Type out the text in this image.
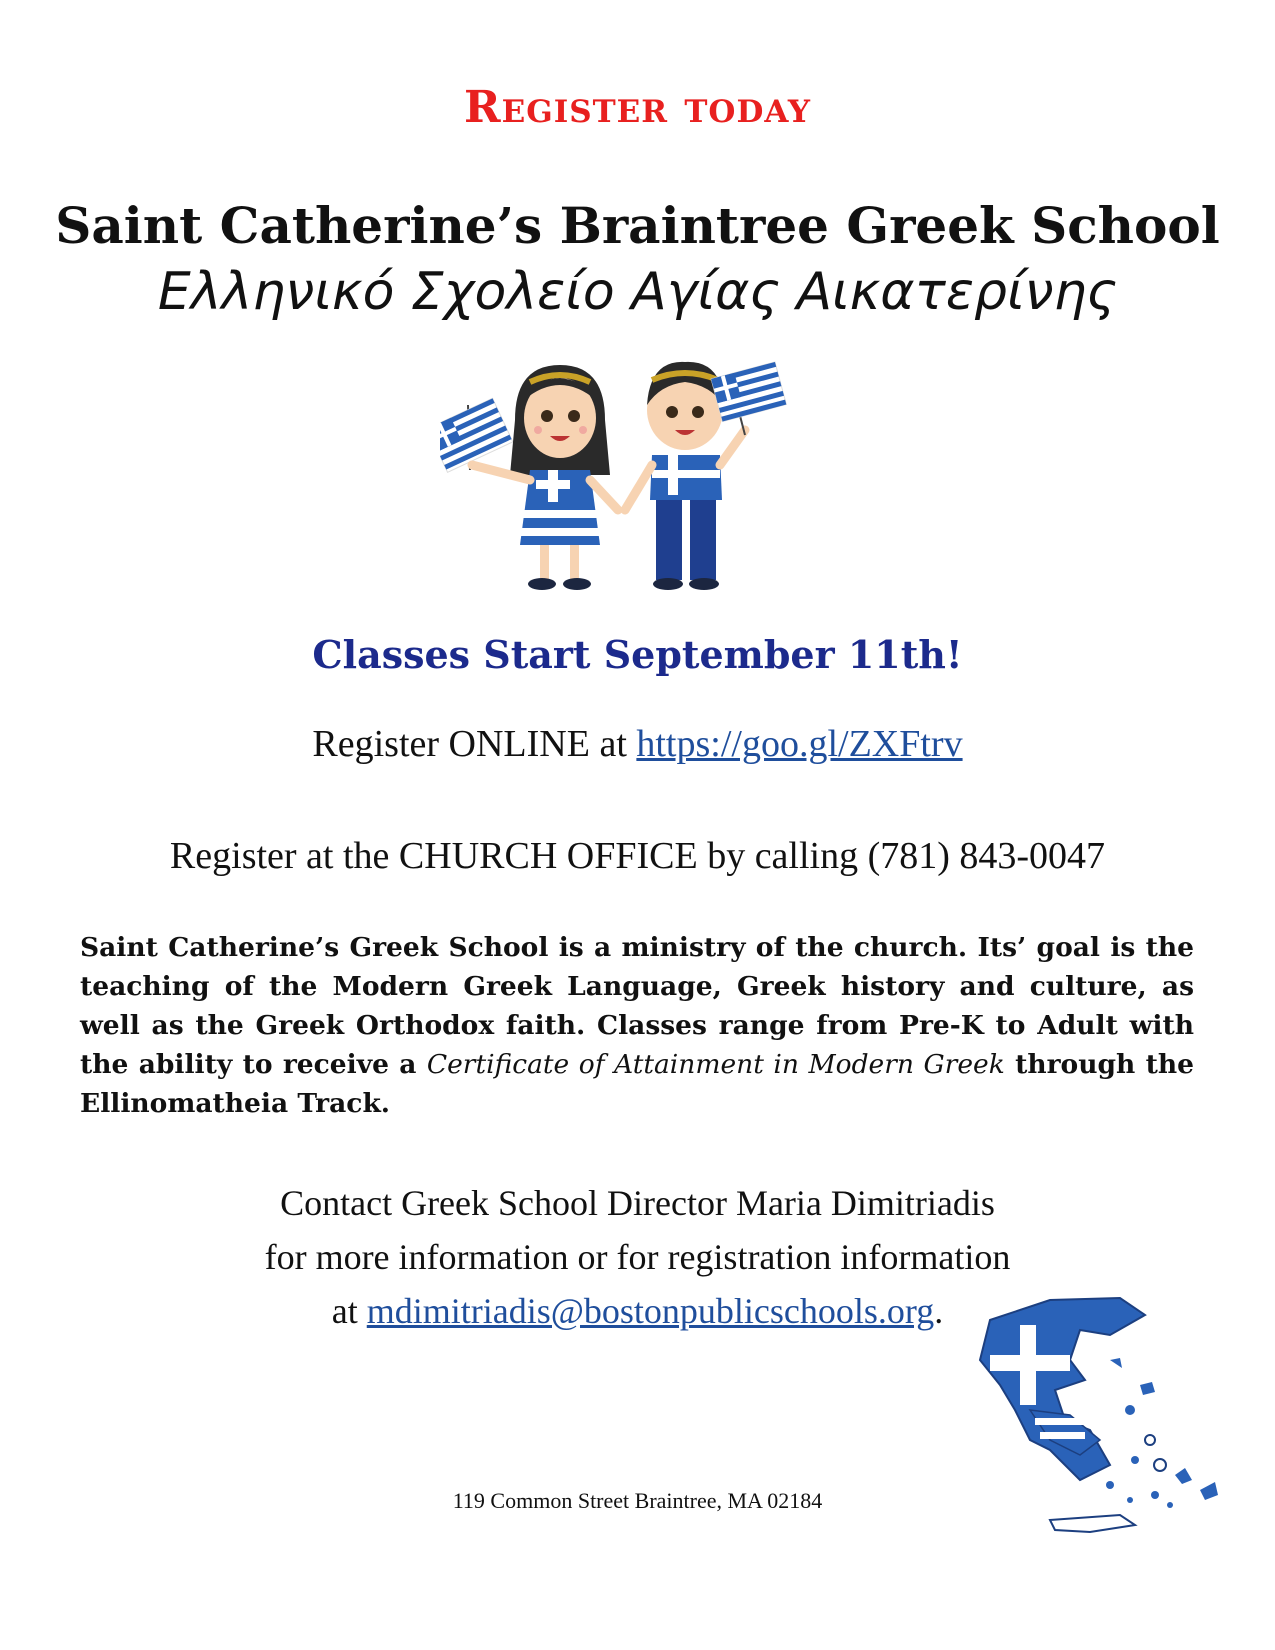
Register today
Saint Catherine’s Braintree Greek School
Ελληνικό Σχολείο Αγίας Αικατερίνης
Classes Start September 11th!
Register ONLINE at https://goo.gl/ZXFtrv
Register at the CHURCH OFFICE by calling (781) 843-0047
Saint Catherine’s Greek School is a ministry of the church. Its’ goal is the teaching of the Modern Greek Language, Greek history and culture, as well as the Greek Orthodox faith. Classes range from Pre-K to Adult with the ability to receive a Certificate of Attainment in Modern Greek through the Ellinomatheia Track.
Contact Greek School Director Maria Dimitriadis
for more information or for registration information
at mdimitriadis@bostonpublicschools.org.
119 Common Street Braintree, MA 02184
